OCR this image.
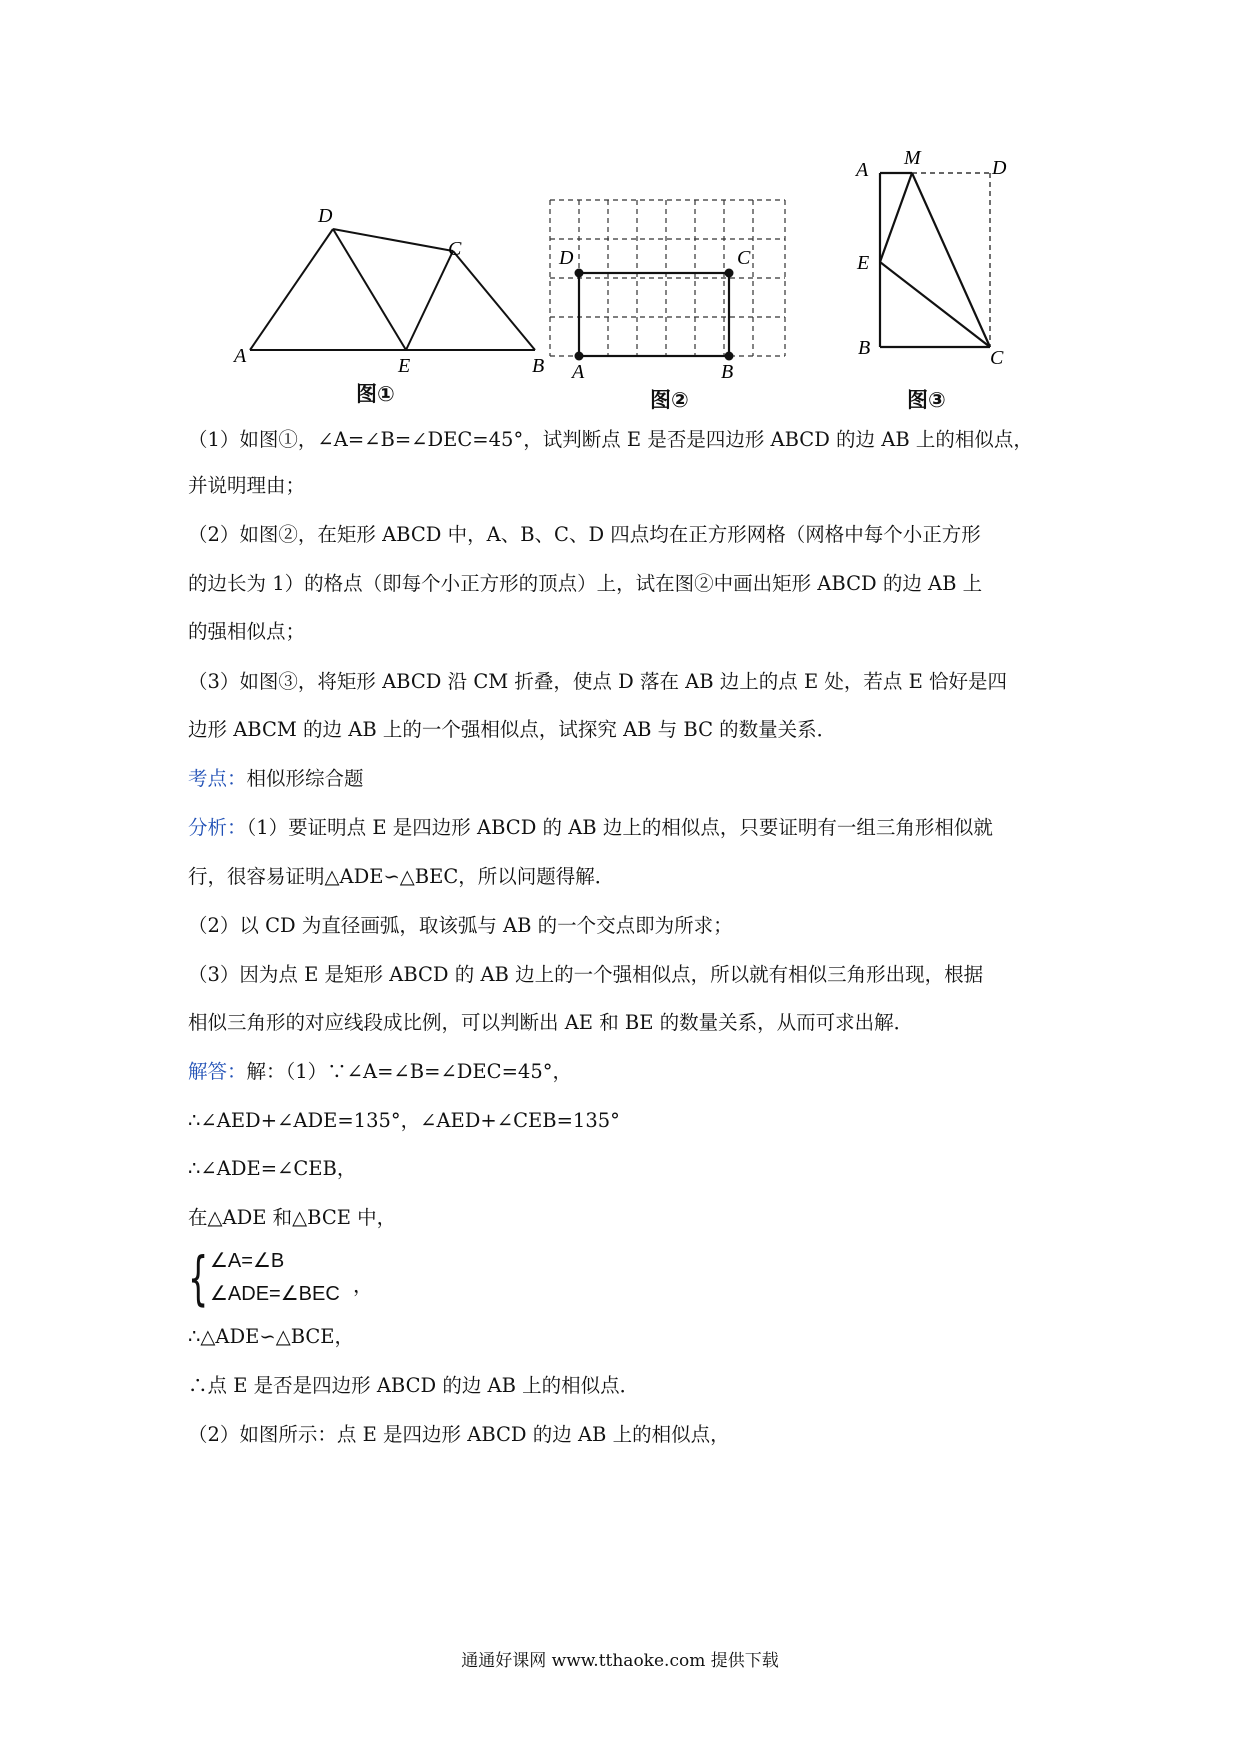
A	B
C
D
E
图①
D	C
A	B
图②
A
M	D
E
B	C
图③
（1）如图①，∠A=∠B=∠DEC=45°，试判断点 E 是否是四边形 ABCD 的边 AB 上的相似点，
并说明理由；
（2）如图②，在矩形 ABCD 中，A、B、C、D 四点均在正方形网格（网格中每个小正方形
的边长为 1）的格点（即每个小正方形的顶点）上，试在图②中画出矩形 ABCD 的边 AB 上
的强相似点；
（3）如图③，将矩形 ABCD 沿 CM 折叠，使点 D 落在 AB 边上的点 E 处，若点 E 恰好是四
边形 ABCM 的边 AB 上的一个强相似点，试探究 AB 与 BC 的数量关系．
考点：相似形综合题
分析：（1）要证明点 E 是四边形 ABCD 的 AB 边上的相似点，只要证明有一组三角形相似就
行，很容易证明△ADE∽△BEC，所以问题得解．
（2）以 CD 为直径画弧，取该弧与 AB 的一个交点即为所求；
（3）因为点 E 是矩形 ABCD 的 AB 边上的一个强相似点，所以就有相似三角形出现，根据
相似三角形的对应线段成比例，可以判断出 AE 和 BE 的数量关系，从而可求出解．
解答：解：（1）∵∠A=∠B=∠DEC=45°，
∴∠AED+∠ADE=135°，∠AED+∠CEB=135°
∴∠ADE=∠CEB，
在△ADE 和△BCE 中，
{ ∠A=∠B
∠ADE=∠BEC ，
∴△ADE∽△BCE，
∴点 E 是否是四边形 ABCD 的边 AB 上的相似点．
（2）如图所示：点 E 是四边形 ABCD 的边 AB 上的相似点，
通通好课网 www.tthaoke.com 提供下载
